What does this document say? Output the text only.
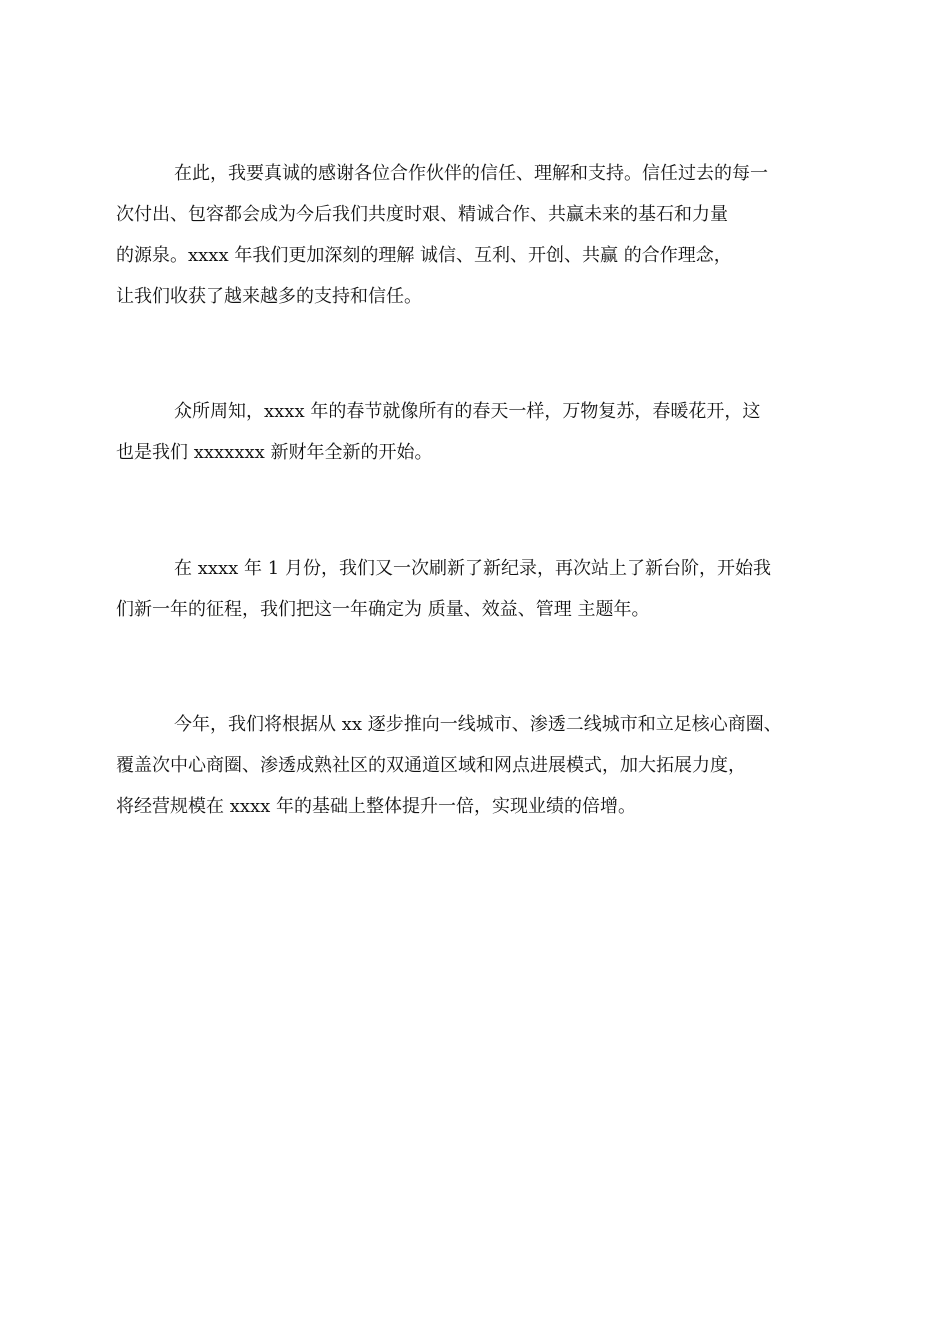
在此，我要真诚的感谢各位合作伙伴的信任、理解和支持。信任过去的每一
次付出、包容都会成为今后我们共度时艰、精诚合作、共赢未来的基石和力量
的源泉。xxxx 年我们更加深刻的理解 诚信、互利、开创、共赢 的合作理念，
让我们收获了越来越多的支持和信任。

众所周知，xxxx 年的春节就像所有的春天一样，万物复苏，春暖花开，这
也是我们 xxxxxxx 新财年全新的开始。

在 xxxx 年 1 月份，我们又一次刷新了新纪录，再次站上了新台阶，开始我
们新一年的征程，我们把这一年确定为 质量、效益、管理 主题年。

今年，我们将根据从 xx 逐步推向一线城市、渗透二线城市和立足核心商圈、
覆盖次中心商圈、渗透成熟社区的双通道区域和网点进展模式，加大拓展力度，
将经营规模在 xxxx 年的基础上整体提升一倍，实现业绩的倍增。
